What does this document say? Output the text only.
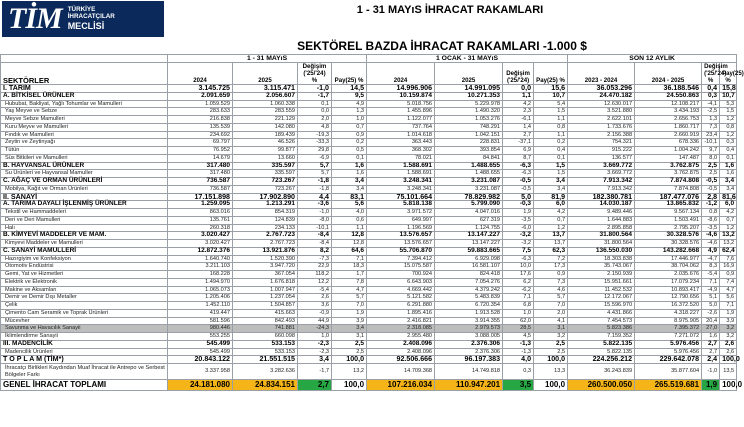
TİM TÜRKİYE
İHRACATÇILAR
MECLİSİ
1 - 31 MAYıS İHRACAT RAKAMLARI
SEKTÖREL BAZDA İHRACAT RAKAMLARI -1.000 $
	1 - 31 MAYıS				1 OCAK - 31 MAYıS				SON 12 AYLIK			
SEKTÖRLER	2024	2025	Değişim ('25/'24) %	Pay(25) %	2024	2025	Değişim ('25/'24)	Pay(25) %	2023 - 2024	2024 - 2025	Değişim ('25/'24) %	Pay(25) %
I. TARIM	3.145.725	3.115.471	-1,0	14,5	14.996.906	14.991.095	0,0	15,6	36.053.296	36.188.546	0,4	15,8
A. BİTKİSEL ÜRÜNLER	2.091.659	2.056.607	-1,7	9,5	10.159.874	10.271.353	1,1	10,7	24.470.182	24.550.863	0,3	10,7
Hububat, Bakliyat, Yağlı Tohumlar ve Mamulleri	1.059.529	1.060.338	0,1	4,9	5.018.756	5.229.978	4,2	5,4	12.630.017	12.108.217	-4,1	5,3
Yaş Meyve ve Sebze	283.633	283.559	0,0	1,3	1.455.896	1.490.320	2,3	1,5	3.521.880	3.434.193	-2,5	1,5
Meyve Sebze Mamulleri	216.838	221.129	2,0	1,0	1.122.077	1.053.276	-6,1	1,1	2.622.101	2.656.753	1,3	1,2
Kuru Meyve ve Mamulleri	135.539	142.080	4,8	0,7	737.764	748.291	1,4	0,8	1.733.676	1.860.717	7,3	0,8
Fındık ve Mamulleri	234.692	189.439	-19,3	0,9	1.014.618	1.042.151	2,7	1,1	2.156.388	2.660.919	23,4	1,2
Zeytin ve Zeytinyağı	69.797	46.526	-33,3	0,2	363.443	228.831	-37,1	0,2	754.321	678.336	-10,1	0,3
Tütün	76.952	99.877	29,8	0,5	368.302	393.854	6,9	0,4	915.222	1.004.242	9,7	0,4
Süs Bitkileri ve Mamulleri	14.679	13.660	-6,9	0,1	78.021	84.841	8,7	0,1	136.577	147.487	8,0	0,1
B. HAYVANSAL ÜRÜNLER	317.480	335.597	5,7	1,6	1.588.691	1.488.655	-6,3	1,5	3.669.772	3.762.875	2,5	1,6
Su Ürünleri ve Hayvansal Mamuller	317.480	335.597	5,7	1,6	1.588.691	1.488.655	-6,3	1,5	3.669.772	3.762.875	2,5	1,6
C. AĞAÇ VE ORMAN ÜRÜNLERİ	736.587	723.267	-1,8	3,4	3.248.341	3.231.087	-0,5	3,4	7.913.342	7.874.808	-0,5	3,4
Mobilya, Kağıt ve Orman Ürünleri	736.587	723.267	-1,8	3,4	3.248.341	3.231.087	-0,5	3,4	7.913.342	7.874.808	-0,5	3,4
II. SANAYİ	17.151.898	17.902.890	4,4	83,1	75.101.664	78.829.982	5,0	81,9	182.380.781	187.477.076	2,8	81,6
A. TARIMA DAYALI İŞLENMİŞ ÜRÜNLER	1.259.095	1.213.291	-3,6	5,6	5.818.138	5.799.090	-0,3	6,0	14.030.187	13.865.832	-1,2	6,0
Tekstil ve Hammaddeleri	863.016	854.319	-1,0	4,0	3.971.572	4.047.016	1,9	4,2	9.489.446	9.567.134	0,8	4,2
Deri ve Deri Mamulleri	135.761	124.839	-8,0	0,6	649.997	627.319	-3,5	0,7	1.644.883	1.503.491	-8,6	0,7
Halı	260.318	234.133	-10,1	1,1	1.196.569	1.124.755	-6,0	1,2	2.895.858	2.795.207	-3,5	1,2
B. KİMYEVİ MADDELER VE MAM.	3.020.427	2.767.723	-8,4	12,8	13.576.657	13.147.227	-3,2	13,7	31.800.564	30.328.576	-4,6	13,2
Kimyevi Maddeler ve Mamulleri	3.020.427	2.767.723	-8,4	12,8	13.576.657	13.147.227	-3,2	13,7	31.800.564	30.328.576	-4,6	13,2
C. SANAYİ MAMULLERİ	12.872.376	13.921.876	8,2	64,6	55.706.870	59.883.665	7,5	62,3	136.550.030	143.282.668	4,9	62,4
Hazırgiyim ve Konfeksiyon	1.640.740	1.520.390	-7,3	7,1	7.394.412	6.929.098	-6,3	7,2	18.303.838	17.446.977	-4,7	7,6
Otomotiv Endüstrisi	3.211.103	3.947.720	22,9	18,3	15.075.587	16.581.107	10,0	17,3	35.743.067	38.704.062	8,3	16,9
Gemi, Yat ve Hizmetleri	168.228	367.054	118,2	1,7	700.924	824.418	17,6	0,9	2.150.939	2.035.676	-5,4	0,9
Elektrik ve Elektronik	1.494.970	1.676.818	12,2	7,8	6.643.903	7.054.276	6,2	7,3	15.951.661	17.079.234	7,1	7,4
Makine ve Aksamları	1.065.073	1.007.947	-5,4	4,7	4.669.442	4.379.242	-6,2	4,6	11.452.532	10.893.417	-4,9	4,7
Demir ve Demir Dışı Metaller	1.205.406	1.237.054	2,6	5,7	5.121.582	5.483.839	7,1	5,7	12.172.067	12.790.656	5,1	5,6
Çelik	1.452.110	1.504.857	3,6	7,0	6.291.880	6.720.354	6,8	7,0	15.596.970	16.372.520	5,0	7,1
Çimento Cam Seramik ve Toprak Ürünleri	419.447	415.663	-0,9	1,9	1.895.416	1.913.528	1,0	2,0	4.431.866	4.318.227	-2,6	1,9
Mücevher	581.596	842.493	44,9	3,9	2.416.821	3.914.355	62,0	4,1	7.454.573	8.975.905	20,4	3,9
Savunma ve Havacılık Sanayii	980.446	741.881	-24,3	3,4	2.318.085	2.979.573	28,5	3,1	5.823.386	7.395.372	27,0	3,2
İklimlendirme Sanayii	553.255	660.098	1,0	3,1	2.955.480	3.088.005	4,5	3,2	7.159.352	7.271.072	1,6	3,2
III. MADENCİLİK	545.499	533.153	-2,3	2,5	2.408.096	2.376.306	-1,3	2,5	5.822.135	5.976.456	2,7	2,6
Madencilik Ürünleri	545.499	533.153	-2,3	2,5	2.408.096	2.376.306	-1,3	2,5	5.822.135	5.976.456	2,7	2,6
T O P L A M (TİM*)	20.843.122	21.551.515	3,4	100,0	92.506.666	96.197.383	4,0	100,0	224.256.212	229.642.078	2,4	100,0
İhracatçı Birlikleri Kaydından Muaf İhracat ile Antrepo ve Serbest Bölgeler Farkı	3.337.958	3.282.636	-1,7	13,2	14.709.368	14.749.818	0,3	13,3	36.243.839	35.877.604	-1,0	13,5
GENEL İHRACAT TOPLAMI	24.181.080	24.834.151	2,7	100,0	107.216.034	110.947.201	3,5	100,0	260.500.050	265.519.681	1,9	100,0
